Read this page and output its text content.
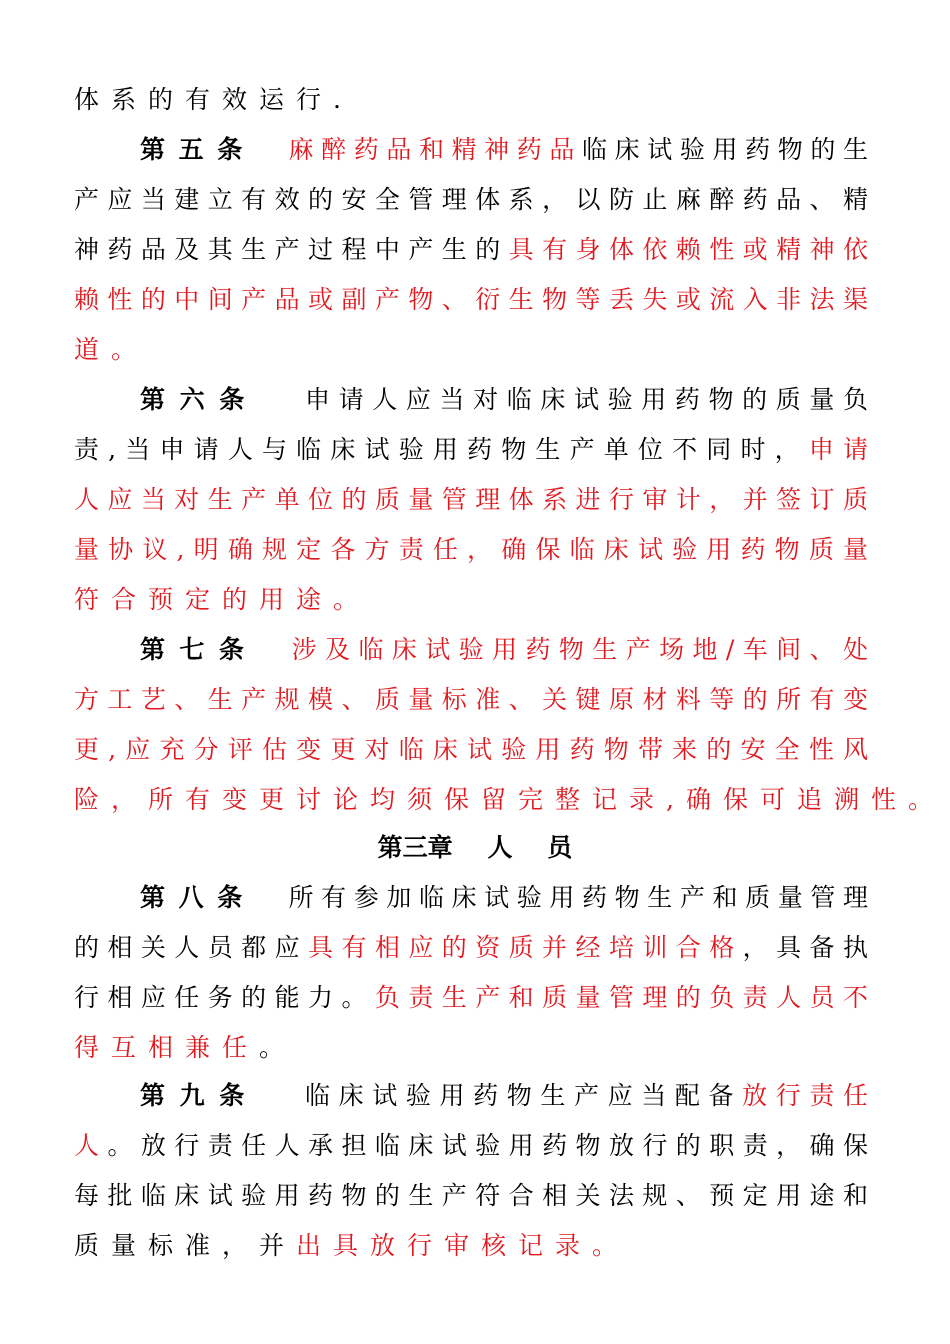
体系的有效运行.
第五条  麻醉药品和精神药品临床试验用药物的生
产应当建立有效的安全管理体系，以防止麻醉药品、精
神药品及其生产过程中产生的具有身体依赖性或精神依
赖性的中间产品或副产物、衍生物等丢失或流入非法渠
道。
第六条   申请人应当对临床试验用药物的质量负
责,当申请人与临床试验用药物生产单位不同时，申请
人应当对生产单位的质量管理体系进行审计，并签订质
量协议,明确规定各方责任，确保临床试验用药物质量
符合预定的用途。
第七条  涉及临床试验用药物生产场地/车间、处
方工艺、生产规模、质量标准、关键原材料等的所有变
更,应充分评估变更对临床试验用药物带来的安全性风
险，所有变更讨论均须保留完整记录,确保可追溯性。
第三章    人    员
第八条  所有参加临床试验用药物生产和质量管理
的相关人员都应具有相应的资质并经培训合格，具备执
行相应任务的能力。负责生产和质量管理的负责人员不
得互相兼任。
第九条   临床试验用药物生产应当配备放行责任
人。放行责任人承担临床试验用药物放行的职责，确保
每批临床试验用药物的生产符合相关法规、预定用途和
质量标准，并出具放行审核记录。
